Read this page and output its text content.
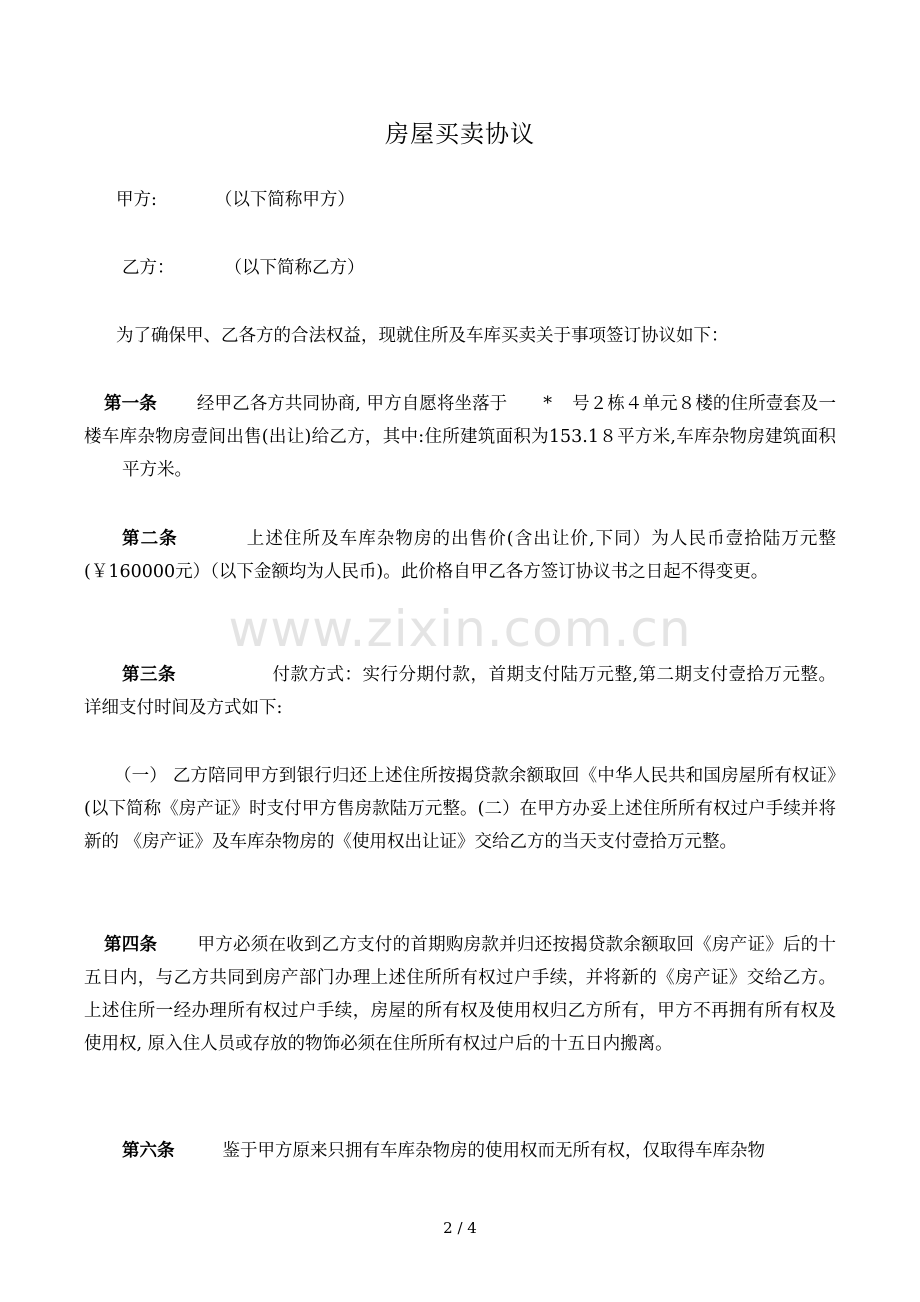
房屋买卖协议
甲方:	（以下简称甲方）
乙方：	（以下简称乙方）
为了确保甲、乙各方的合法权益，现就住所及车库买卖关于事项签订协议如下：
第一条 经甲乙各方共同协商, 甲方自愿将坐落于 * 号２栋４单元８楼的住所壹套及一楼车库杂物房壹间出售(出让)给乙方，其中:住所建筑面积为153.1８平方米,车库杂物房建筑面积平方米。
第二条	上述住所及车库杂物房的出售价(含出让价,下同）为人民币壹拾陆万元整(￥160000元）（以下金额均为人民币)。此价格自甲乙各方签订协议书之日起不得变更。
第三条	付款方式：实行分期付款，首期支付陆万元整,第二期支付壹拾万元整。详细支付时间及方式如下:
（一） 乙方陪同甲方到银行归还上述住所按揭贷款余额取回《中华人民共和国房屋所有权证》(以下简称《房产证》时支付甲方售房款陆万元整。(二）在甲方办妥上述住所所有权过户手续并将新的 《房产证》及车库杂物房的《使用权出让证》交给乙方的当天支付壹拾万元整。
第四条 甲方必须在收到乙方支付的首期购房款并归还按揭贷款余额取回《房产证》后的十五日内，与乙方共同到房产部门办理上述住所所有权过户手续，并将新的《房产证》交给乙方。上述住所一经办理所有权过户手续，房屋的所有权及使用权归乙方所有，甲方不再拥有所有权及使用权, 原入住人员或存放的物饰必须在住所所有权过户后的十五日内搬离。
第六条	鉴于甲方原来只拥有车库杂物房的使用权而无所有权，仅取得车库杂物
www.zixin.com.cn
2 / 4
